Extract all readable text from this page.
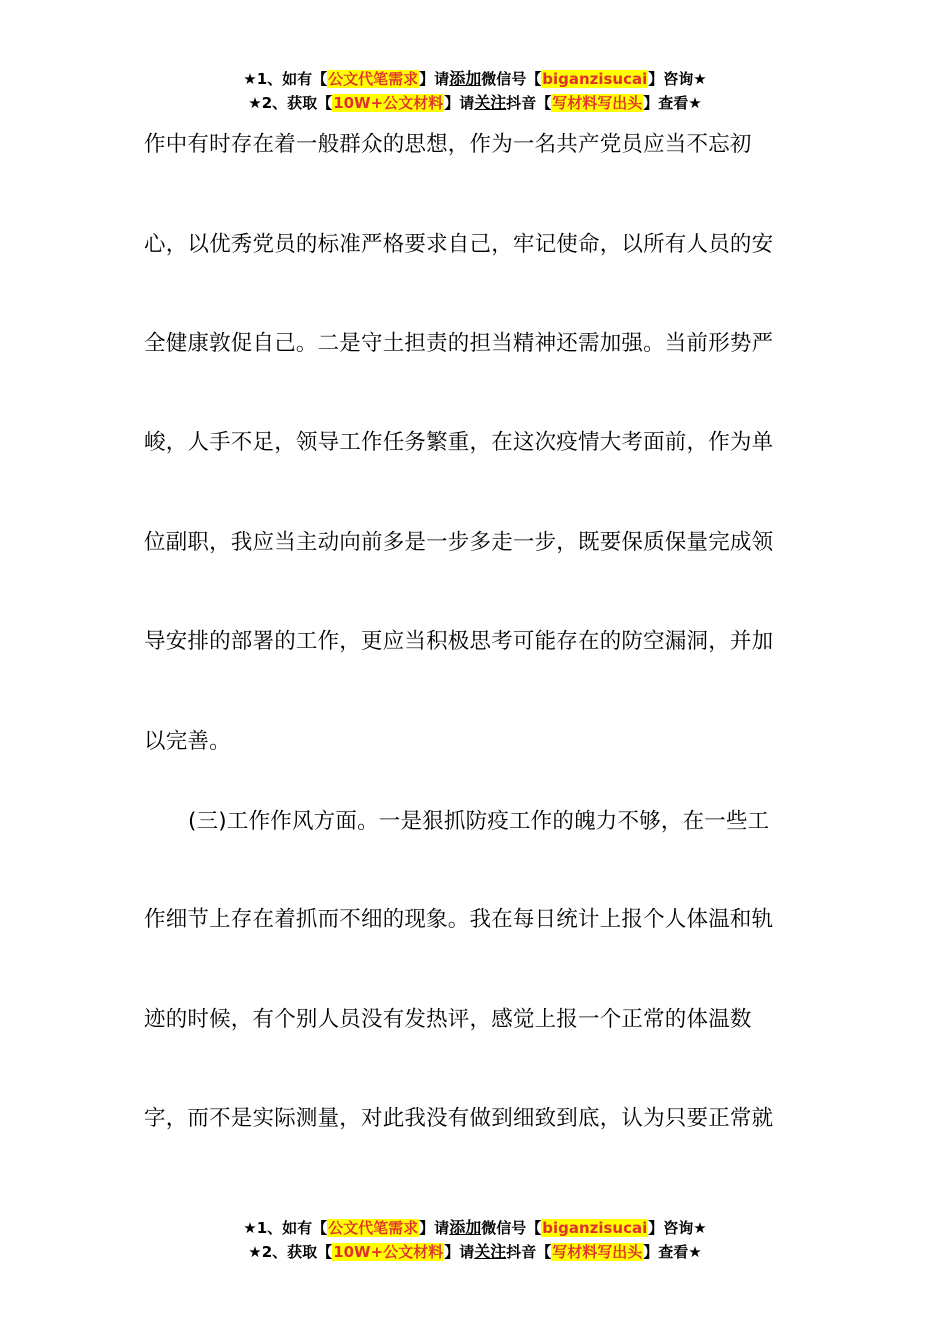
★1、如有【公文代笔需求】请添加微信号【biganzisucai】咨询★
★2、获取【10W+公文材料】请关注抖音【写材料写出头】查看★
作中有时存在着一般群众的思想，作为一名共产党员应当不忘初
心，以优秀党员的标准严格要求自己，牢记使命，以所有人员的安
全健康敦促自己。二是守土担责的担当精神还需加强。当前形势严
峻，人手不足，领导工作任务繁重，在这次疫情大考面前，作为单
位副职，我应当主动向前多是一步多走一步，既要保质保量完成领
导安排的部署的工作，更应当积极思考可能存在的防空漏洞，并加
以完善。
(三)工作作风方面。一是狠抓防疫工作的魄力不够，在一些工
作细节上存在着抓而不细的现象。我在每日统计上报个人体温和轨
迹的时候，有个别人员没有发热评，感觉上报一个正常的体温数
字，而不是实际测量，对此我没有做到细致到底，认为只要正常就
★1、如有【公文代笔需求】请添加微信号【biganzisucai】咨询★
★2、获取【10W+公文材料】请关注抖音【写材料写出头】查看★
